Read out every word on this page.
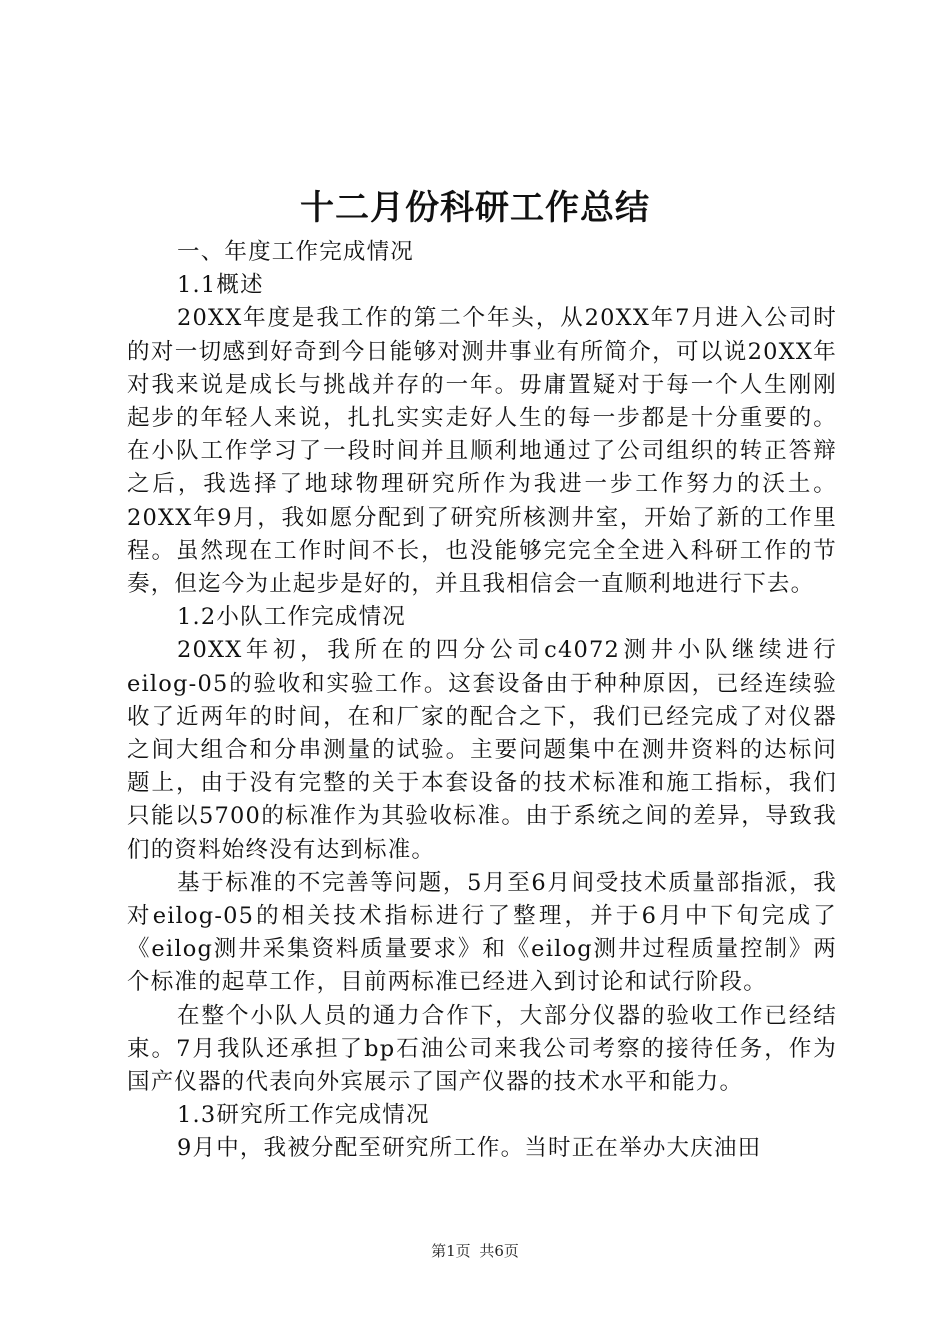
十二月份科研工作总结

一、年度工作完成情况

1.1概述

20XX年度是我工作的第二个年头，从20XX年7月进入公司时的对一切感到好奇到今日能够对测井事业有所简介，可以说20XX年对我来说是成长与挑战并存的一年。毋庸置疑对于每一个人生刚刚起步的年轻人来说，扎扎实实走好人生的每一步都是十分重要的。在小队工作学习了一段时间并且顺利地通过了公司组织的转正答辩之后，我选择了地球物理研究所作为我进一步工作努力的沃土。20XX年9月，我如愿分配到了研究所核测井室，开始了新的工作里程。虽然现在工作时间不长，也没能够完完全全进入科研工作的节奏，但迄今为止起步是好的，并且我相信会一直顺利地进行下去。

1.2小队工作完成情况

20XX年初，我所在的四分公司c4072测井小队继续进行eilog-05的验收和实验工作。这套设备由于种种原因，已经连续验收了近两年的时间，在和厂家的配合之下，我们已经完成了对仪器之间大组合和分串测量的试验。主要问题集中在测井资料的达标问题上，由于没有完整的关于本套设备的技术标准和施工指标，我们只能以5700的标准作为其验收标准。由于系统之间的差异，导致我们的资料始终没有达到标准。

基于标准的不完善等问题，5月至6月间受技术质量部指派，我对eilog-05的相关技术指标进行了整理，并于6月中下旬完成了《eilog测井采集资料质量要求》和《eilog测井过程质量控制》两个标准的起草工作，目前两标准已经进入到讨论和试行阶段。

在整个小队人员的通力合作下，大部分仪器的验收工作已经结束。7月我队还承担了bp石油公司来我公司考察的接待任务，作为国产仪器的代表向外宾展示了国产仪器的技术水平和能力。

1.3研究所工作完成情况

9月中，我被分配至研究所工作。当时正在举办大庆油田

第1页 共6页
